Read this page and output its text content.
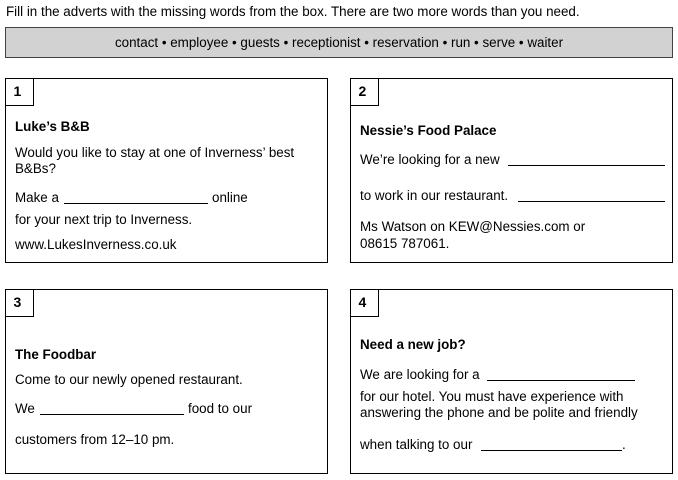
Fill in the adverts with the missing words from the box. There are two more words than you need.
contact • employee • guests • receptionist • reservation • run • serve • waiter
1
Luke’s B&B
Would you like to stay at one of Inverness’ best
B&Bs?
Make a	online
for your next trip to Inverness.
www.LukesInverness.co.uk
2
Nessie’s Food Palace
We’re looking for a new
to work in our restaurant.
Ms Watson on KEW@Nessies.com or
08615 787061.
3
The Foodbar
Come to our newly opened restaurant.
We	food to our
customers from 12–10 pm.
4
Need a new job?
We are looking for a
for our hotel. You must have experience with
answering the phone and be polite and friendly
when talking to our	.
